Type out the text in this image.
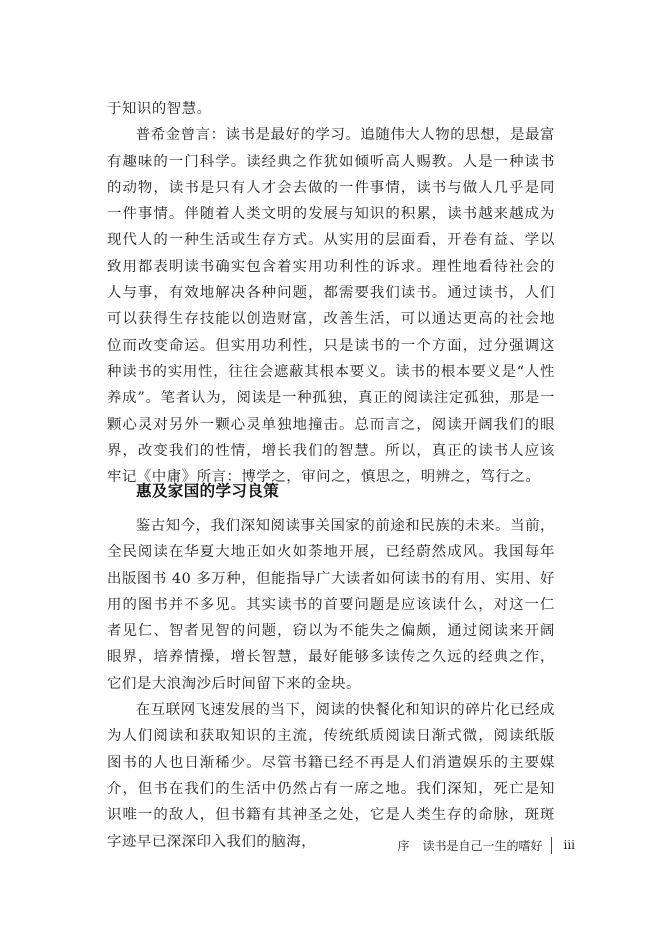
于知识的智慧。

普希金曾言：读书是最好的学习。追随伟大人物的思想，是最富有趣味的一门科学。读经典之作犹如倾听高人赐教。人是一种读书的动物，读书是只有人才会去做的一件事情，读书与做人几乎是同一件事情。伴随着人类文明的发展与知识的积累，读书越来越成为现代人的一种生活或生存方式。从实用的层面看，开卷有益、学以致用都表明读书确实包含着实用功利性的诉求。理性地看待社会的人与事，有效地解决各种问题，都需要我们读书。通过读书，人们可以获得生存技能以创造财富，改善生活，可以通达更高的社会地位而改变命运。但实用功利性，只是读书的一个方面，过分强调这种读书的实用性，往往会遮蔽其根本要义。读书的根本要义是“人性养成”。笔者认为，阅读是一种孤独，真正的阅读注定孤独，那是一颗心灵对另外一颗心灵单独地撞击。总而言之，阅读开阔我们的眼界，改变我们的性情，增长我们的智慧。所以，真正的读书人应该牢记《中庸》所言：博学之，审问之，慎思之，明辨之，笃行之。

惠及家国的学习良策

鉴古知今，我们深知阅读事关国家的前途和民族的未来。当前，全民阅读在华夏大地正如火如荼地开展，已经蔚然成风。我国每年出版图书 40 多万种，但能指导广大读者如何读书的有用、实用、好用的图书并不多见。其实读书的首要问题是应该读什么，对这一仁者见仁、智者见智的问题，窃以为不能失之偏颇，通过阅读来开阔眼界，培养情操，增长智慧，最好能够多读传之久远的经典之作，它们是大浪淘沙后时间留下来的金块。

在互联网飞速发展的当下，阅读的快餐化和知识的碎片化已经成为人们阅读和获取知识的主流，传统纸质阅读日渐式微，阅读纸版图书的人也日渐稀少。尽管书籍已经不再是人们消遣娱乐的主要媒介，但书在我们的生活中仍然占有一席之地。我们深知，死亡是知识唯一的敌人，但书籍有其神圣之处，它是人类生存的命脉，斑斑字迹早已深深印入我们的脑海，	序 读书是自己一生的嗜好 iii
